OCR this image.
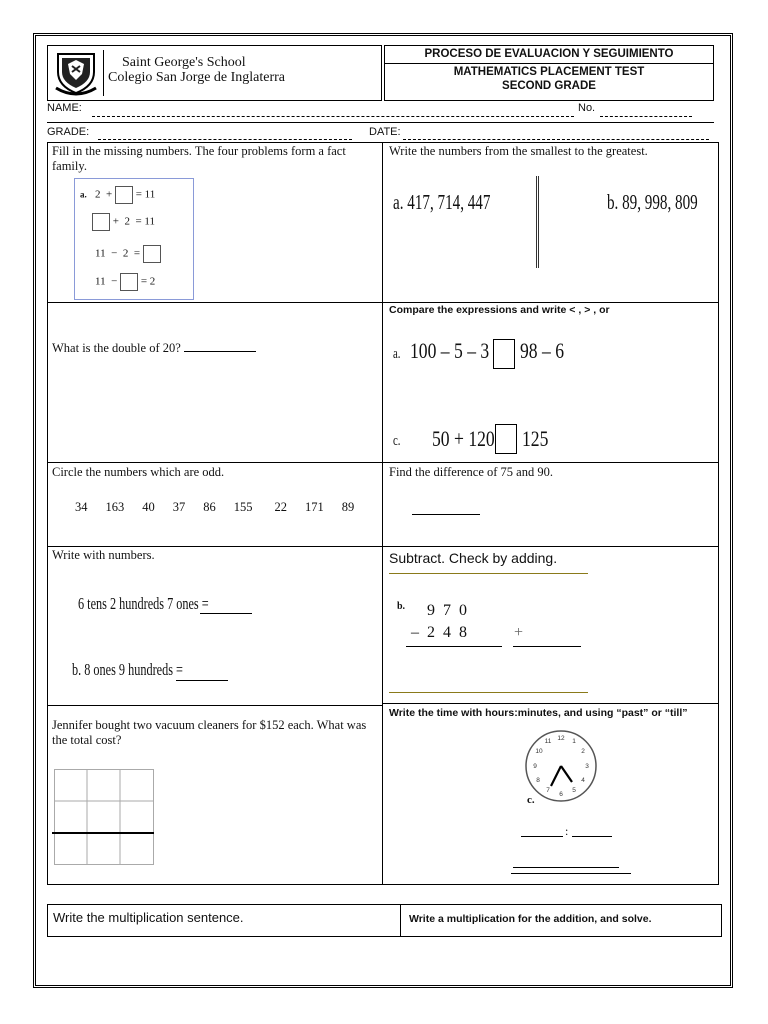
Saint George's School
Colegio San Jorge de Inglaterra
PROCESO DE EVALUACION Y SEGUIMIENTO
MATHEMATICS PLACEMENT TEST
SECOND GRADE
NAME:	No.
GRADE:	DATE:
Fill in the missing numbers. The four problems form a fact family.
a. 2 + = 11
+ 2 = 11
11 − 2 =
11 − = 2
Write the numbers from the smallest to the greatest.
a. 417, 714, 447	b. 89, 998, 809
What is the double of 20?
Compare the expressions and write < , > , or
a. 100 – 5 – 3	98 – 6
c. 50 + 120	125
Circle the numbers which are odd.
34 163 40 37 86 155 22 171 89
Find the difference of 75 and 90.
Write with numbers.
6 tens 2 hundreds 7 ones =
b. 8 ones 9 hundreds =
Subtract. Check by adding.
b. 9 7 0
– 2 4 8	+
Jennifer bought two vacuum cleaners for $152 each. What was the total cost?
Write the time with hours:minutes, and using “past” or “till”
12 1
2
3
4
5
6
7
8
9
10
11
c.
:
Write the multiplication sentence.	Write a multiplication for the addition, and solve.
